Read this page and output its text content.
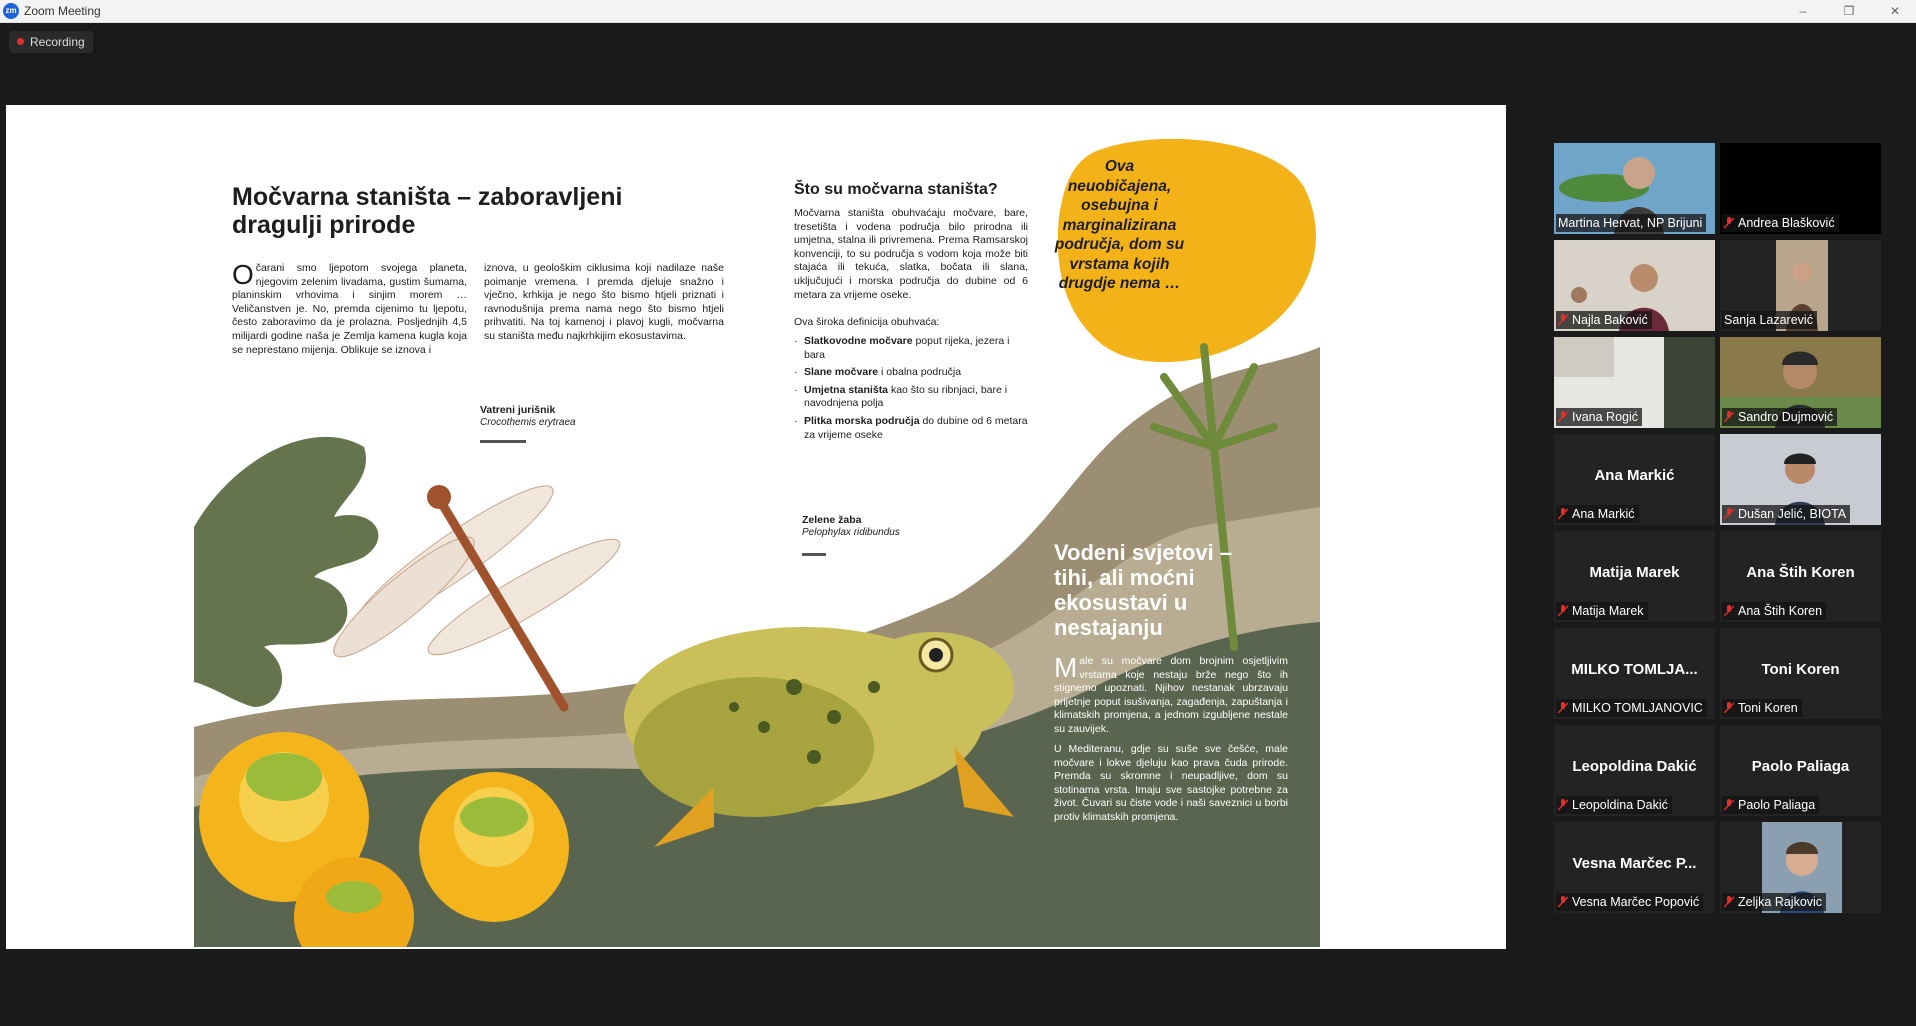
zm Zoom Meeting	–	❐	✕
Recording
Močvarna staništa – zaboravljeni dragulji prirode
Očarani smo ljepotom svojega planeta, njegovim zelenim livadama, gustim šumama, planinskim vrhovima i sinjim morem … Veličanstven je. No, premda cijenimo tu ljepotu, često zaboravimo da je prolazna. Posljednjih 4,5 milijardi godine naša je Zemlja kamena kugla koja se neprestano mijenja. Oblikuje se iznova i
iznova, u geološkim ciklusima koji nadilaze naše poimanje vremena. I premda djeluje snažno i vječno, krhkija je nego što bismo htjeli priznati i ravnodušnija prema nama nego što bismo htjeli prihvatiti. Na toj kamenoj i plavoj kugli, močvarna su staništa među najkrhkijim ekosustavima.
Vatreni jurišnik
Crocothemis erytraea
Što su močvarna staništa?
Močvarna staništa obuhvaćaju močvare, bare, tresetišta i vodena područja bilo prirodna ili umjetna, stalna ili privremena. Prema Ramsarskoj konvenciji, to su područja s vodom koja može biti stajaća ili tekuća, slatka, bočata ili slana, uključujući i morska područja do dubine od 6 metara za vrijeme oseke.
Ova široka definicija obuhvaća:
· Slatkovodne močvare poput rijeka, jezera i bara
· Slane močvare i obalna područja
· Umjetna staništa kao što su ribnjaci, bare i navodnjena polja
· Plitka morska područja do dubine od 6 metara za vrijeme oseke
Zelene žaba
Pelophylax ridibundus
Ova neuobičajena, osebujna i marginalizirana područja, dom su vrstama kojih drugdje nema …
Vodeni svjetovi – tihi, ali moćni ekosustavi u nestajanju
Male su močvare dom brojnim osjetljivim vrstama koje nestaju brže nego što ih stignemo upoznati. Njihov nestanak ubrzavaju prijetnje poput isušivanja, zagađenja, zapuštanja i klimatskih promjena, a jednom izgubljene nestale su zauvijek.
U Mediteranu, gdje su suše sve češće, male močvare i lokve djeluju kao prava čuda prirode. Premda su skromne i neupadljive, dom su stotinama vrsta. Imaju sve sastojke potrebne za život. Čuvari su čiste vode i naši saveznici u borbi protiv klimatskih promjena.
Martina Hervat, NP Brijuni	Andrea Blašković
Najla Baković	Sanja Lazarević
Ivana Rogić	Sandro Dujmović
Ana Markić
Ana Markić	Dušan Jelić, BIOTA
Matija Marek
Matija Marek
Ana Štih Koren
Ana Štih Koren
MILKO TOMLJA...
MILKO TOMLJANOVIC
Toni Koren
Toni Koren
Leopoldina Dakić
Leopoldina Dakić
Paolo Paliaga
Paolo Paliaga
Vesna Marčec P...
Vesna Marčec Popović	Zeljka Rajkovic
